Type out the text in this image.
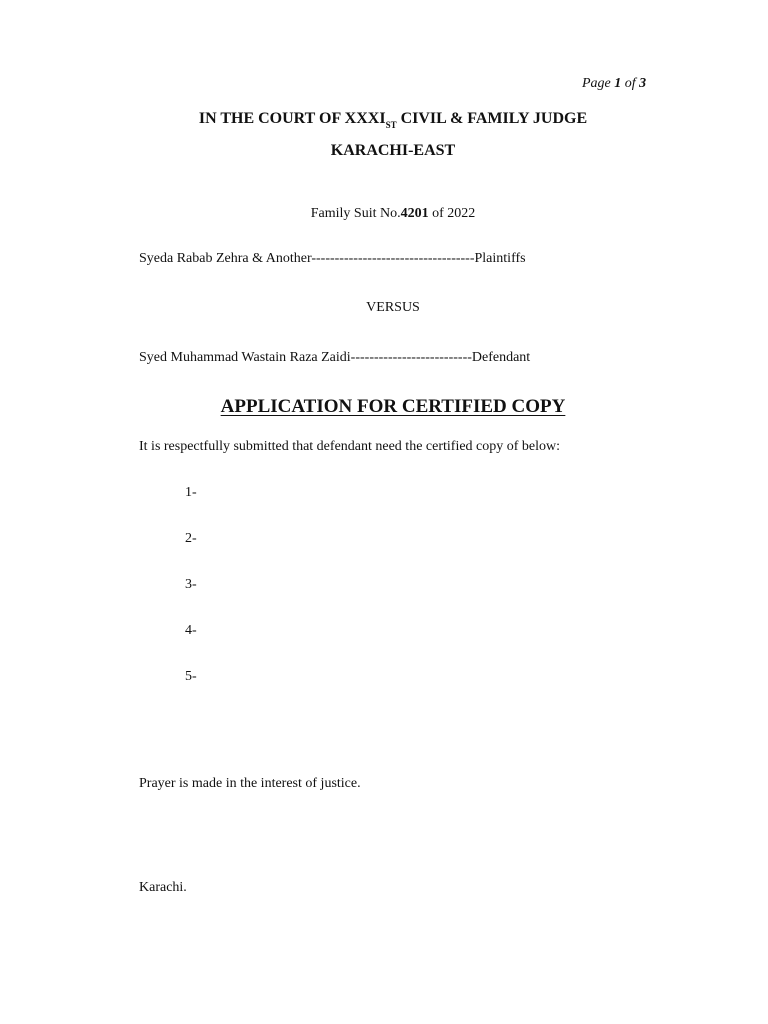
Page 1 of 3
IN THE COURT OF $XXXI_{ST}$ CIVIL & FAMILY JUDGE
KARACHI-EAST
Family Suit No.4201 of 2022
Syeda Rabab Zehra & Another-----------------------------------Plaintiffs
VERSUS
Syed Muhammad Wastain Raza Zaidi--------------------------Defendant
APPLICATION FOR CERTIFIED COPY
It is respectfully submitted that defendant need the certified copy of below:
1-
2-
3-
4-
5-
Prayer is made in the interest of justice.
Karachi.
